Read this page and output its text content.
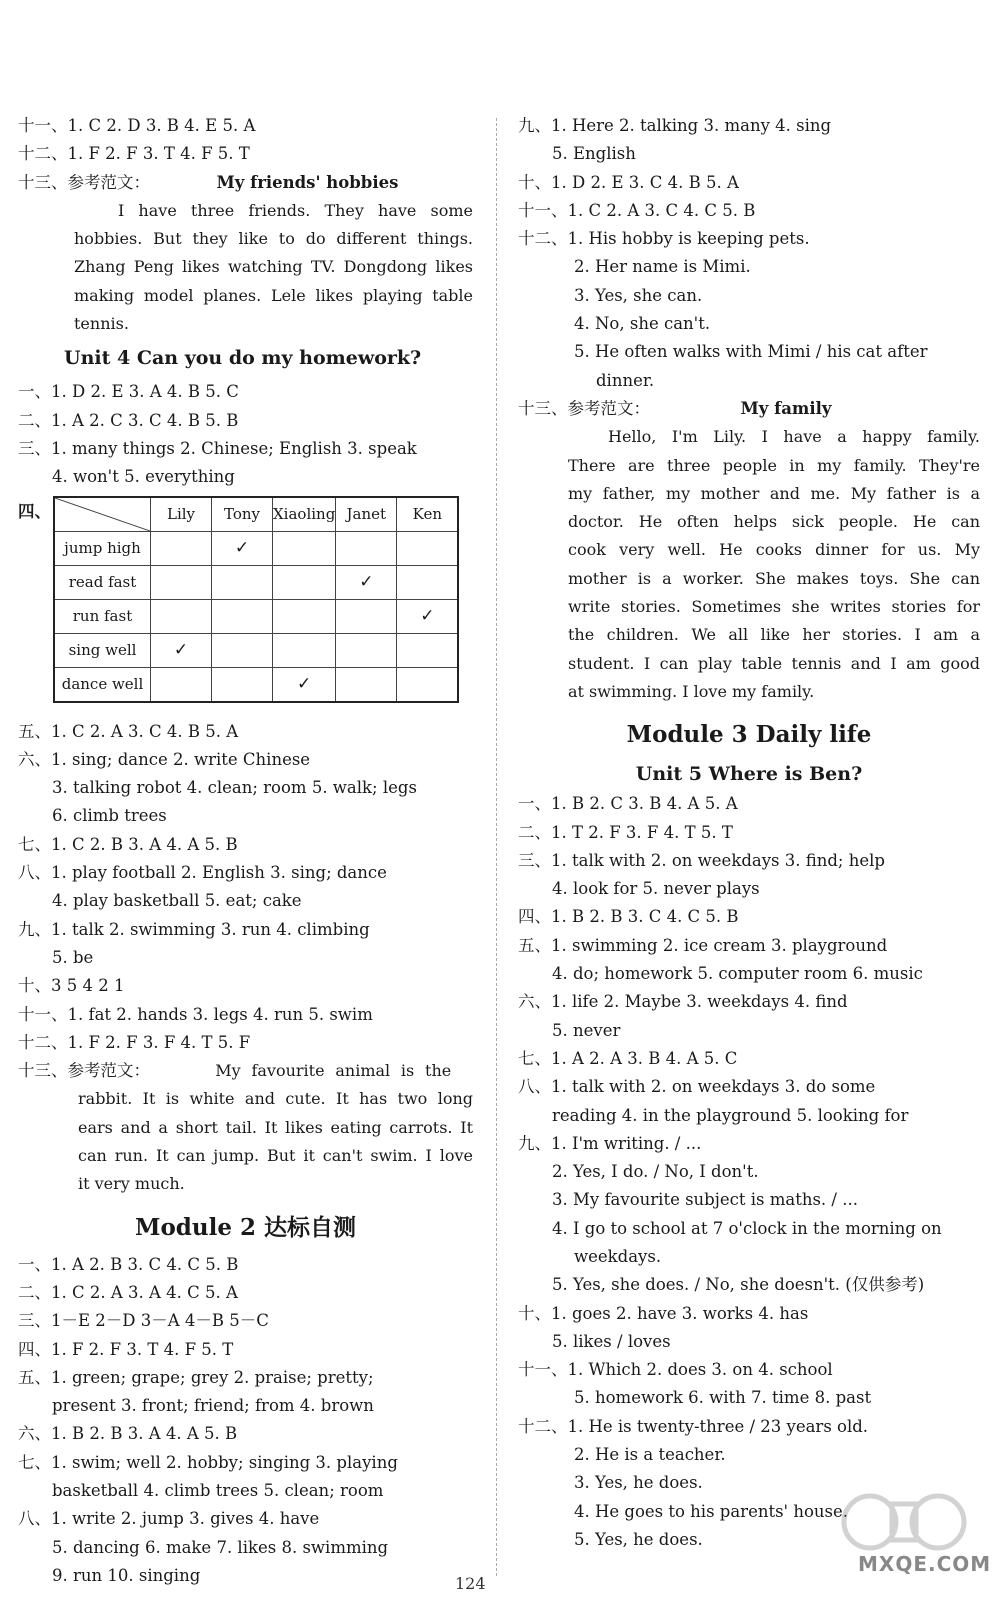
十一、1. C 2. D 3. B 4. E 5. A
十二、1. F 2. F 3. T 4. F 5. T
十三、参考范文：	My friends' hobbies
I have three friends. They have some
hobbies. But they like to do different things.
Zhang Peng likes watching TV. Dongdong likes
making model planes. Lele likes playing table
tennis.
Unit 4 Can you do my homework?
一、1. D 2. E 3. A 4. B 5. C
二、1. A 2. C 3. C 4. B 5. B
三、1. many things 2. Chinese; English 3. speak
4. won't 5. everything
四、
		Lily	Tony	Xiaoling	Janet	Ken
jump high		✓			
read fast				✓	
run fast					✓
sing well	✓				
dance well			✓		
五、1. C 2. A 3. C 4. B 5. A
六、1. sing; dance 2. write Chinese
3. talking robot 4. clean; room 5. walk; legs
6. climb trees
七、1. C 2. B 3. A 4. A 5. B
八、1. play football 2. English 3. sing; dance
4. play basketball 5. eat; cake
九、1. talk 2. swimming 3. run 4. climbing
5. be
十、3 5 4 2 1
十一、1. fat 2. hands 3. legs 4. run 5. swim
十二、1. F 2. F 3. F 4. T 5. F
十三、参考范文：	My favourite animal is the
rabbit. It is white and cute. It has two long
ears and a short tail. It likes eating carrots. It
can run. It can jump. But it can't swim. I love
it very much.
Module 2 达标自测
一、1. A 2. B 3. C 4. C 5. B
二、1. C 2. A 3. A 4. C 5. A
三、1－E 2－D 3－A 4－B 5－C
四、1. F 2. F 3. T 4. F 5. T
五、1. green; grape; grey 2. praise; pretty;
present 3. front; friend; from 4. brown
六、1. B 2. B 3. A 4. A 5. B
七、1. swim; well 2. hobby; singing 3. playing
basketball 4. climb trees 5. clean; room
八、1. write 2. jump 3. gives 4. have
5. dancing 6. make 7. likes 8. swimming
9. run 10. singing
九、1. Here 2. talking 3. many 4. sing
5. English
十、1. D 2. E 3. C 4. B 5. A
十一、1. C 2. A 3. C 4. C 5. B
十二、1. His hobby is keeping pets.
2. Her name is Mimi.
3. Yes, she can.
4. No, she can't.
5. He often walks with Mimi / his cat after
dinner.
十三、参考范文：	My family
Hello, I'm Lily. I have a happy family.
There are three people in my family. They're
my father, my mother and me. My father is a
doctor. He often helps sick people. He can
cook very well. He cooks dinner for us. My
mother is a worker. She makes toys. She can
write stories. Sometimes she writes stories for
the children. We all like her stories. I am a
student. I can play table tennis and I am good
at swimming. I love my family.
Module 3 Daily life
Unit 5 Where is Ben?
一、1. B 2. C 3. B 4. A 5. A
二、1. T 2. F 3. F 4. T 5. T
三、1. talk with 2. on weekdays 3. find; help
4. look for 5. never plays
四、1. B 2. B 3. C 4. C 5. B
五、1. swimming 2. ice cream 3. playground
4. do; homework 5. computer room 6. music
六、1. life 2. Maybe 3. weekdays 4. find
5. never
七、1. A 2. A 3. B 4. A 5. C
八、1. talk with 2. on weekdays 3. do some
reading 4. in the playground 5. looking for
九、1. I'm writing. / ...
2. Yes, I do. / No, I don't.
3. My favourite subject is maths. / ...
4. I go to school at 7 o'clock in the morning on
weekdays.
5. Yes, she does. / No, she doesn't. (仅供参考)
十、1. goes 2. have 3. works 4. has
5. likes / loves
十一、1. Which 2. does 3. on 4. school
5. homework 6. with 7. time 8. past
十二、1. He is twenty-three / 23 years old.
2. He is a teacher.
3. Yes, he does.
4. He goes to his parents' house.
5. Yes, he does.
124
MXQE.COM
